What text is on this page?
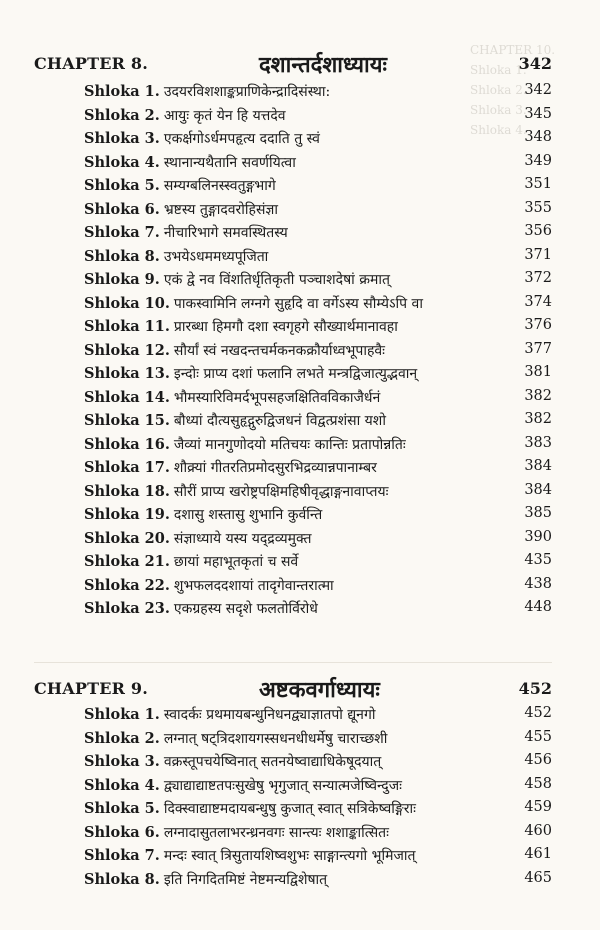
CHAPTER 10.
Shloka 1.
Shloka 2.
Shloka 3.
Shloka 4.
CHAPTER 8.	दशान्तर्दशाध्यायः	342
Shloka 1. उदयरविशशाङ्कप्राणिकेन्द्रादिसंस्था:	342
Shloka 2. आयुः कृतं येन हि यत्तदेव	345
Shloka 3. एकर्क्षगोऽर्धमपहृत्य ददाति तु स्वं	348
Shloka 4. स्थानान्यथैतानि सवर्णयित्वा	349
Shloka 5. सम्यग्बलिनस्स्वतुङ्गभागे	351
Shloka 6. भ्रष्टस्य तुङ्गादवरोहिसंज्ञा	355
Shloka 7. नीचारिभागे समवस्थितस्य	356
Shloka 8. उभयेऽधममध्यपूजिता	371
Shloka 9. एकं द्वे नव विंशतिर्धृतिकृती पञ्चाशदेषां क्रमात्	372
Shloka 10. पाकस्वामिनि लग्नगे सुहृदि वा वर्गेऽस्य सौम्येऽपि वा	374
Shloka 11. प्रारब्धा हिमगौ दशा स्वगृहगे सौख्यार्थमानावहा	376
Shloka 12. सौर्यां स्वं नखदन्तचर्मकनकक्रौर्याध्वभूपाहवैः	377
Shloka 13. इन्दोः प्राप्य दशां फलानि लभते मन्त्रद्विजात्युद्भवान्	381
Shloka 14. भौमस्यारिविमर्दभूपसहजक्षितिवविकाजैर्धनं	382
Shloka 15. बौध्यां दौत्यसुहृद्गुरुद्विजधनं विद्वत्प्रशंसा यशो	382
Shloka 16. जैव्यां मानगुणोदयो मतिचयः कान्तिः प्रतापोन्नतिः	383
Shloka 17. शौक्र्यां गीतरतिप्रमोदसुरभिद्रव्यान्नपानाम्बर	384
Shloka 18. सौरीं प्राप्य खरोष्ट्रपक्षिमहिषीवृद्धाङ्गनावाप्तयः	384
Shloka 19. दशासु शस्तासु शुभानि कुर्वन्ति	385
Shloka 20. संज्ञाध्याये यस्य यद्द्रव्यमुक्त	390
Shloka 21. छायां महाभूतकृतां च सर्वे	435
Shloka 22. शुभफलददशायां तादृगेवान्तरात्मा	438
Shloka 23. एकग्रहस्य सदृशे फलतोर्विरोधे	448
CHAPTER 9.	अष्टकवर्गाध्यायः	452
Shloka 1. स्वादर्कः प्रथमायबन्धुनिधनद्व्याज्ञातपो द्यूनगो	452
Shloka 2. लग्नात् षट्त्रिदशायगस्सधनधीधर्मेषु चाराच्छशी	455
Shloka 3. वक्रस्तूपचयेष्विनात् सतनयेष्वाद्याधिकेषूदयात्	456
Shloka 4. द्व्याद्याद्याष्टतपःसुखेषु भृगुजात् सन्यात्मजेष्विन्दुजः	458
Shloka 5. दिक्स्वाद्याष्टमदायबन्धुषु कुजात् स्वात् सत्रिकेष्वङ्गिराः	459
Shloka 6. लग्नादासुतलाभरन्ध्रनवगः सान्त्यः शशाङ्कात्सितः	460
Shloka 7. मन्दः स्वात् त्रिसुतायशिष्वशुभः साङ्गान्त्यगो भूमिजात्	461
Shloka 8. इति निगदितमिष्टं नेष्टमन्यद्विशेषात्	465
